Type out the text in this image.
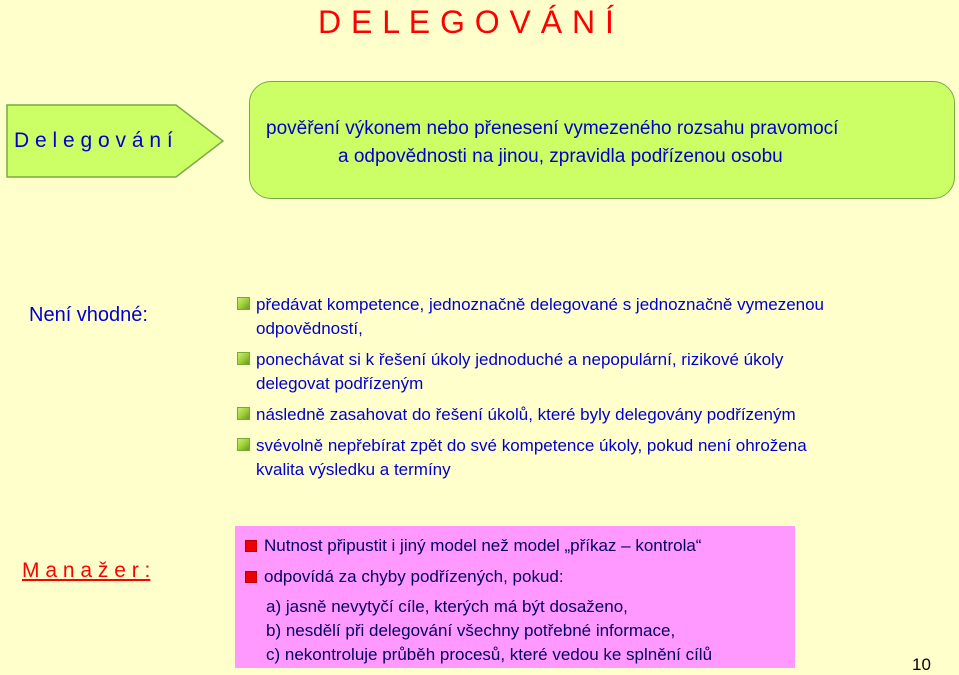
D E L E G O V Á N Í
D e l e g o v á n í
pověření výkonem nebo přenesení vymezeného rozsahu pravomocí
a odpovědnosti na jinou, zpravidla podřízenou osobu
Není vhodné:	předávat kompetence, jednoznačně delegované s jednoznačně vymezenou
odpovědností,
ponechávat si k řešení úkoly jednoduché a nepopulární, rizikové úkoly
delegovat podřízeným
následně zasahovat do řešení úkolů, které byly delegovány podřízeným
svévolně nepřebírat zpět do své kompetence úkoly, pokud není ohrožena
kvalita výsledku a termíny
M a n a ž e r :
Nutnost připustit i jiný model než model „příkaz – kontrola“
odpovídá za chyby podřízených, pokud:
a) jasně nevytyčí cíle, kterých má být dosaženo,
b) nesdělí při delegování všechny potřebné informace,
c) nekontroluje průběh procesů, které vedou ke splnění cílů
10
